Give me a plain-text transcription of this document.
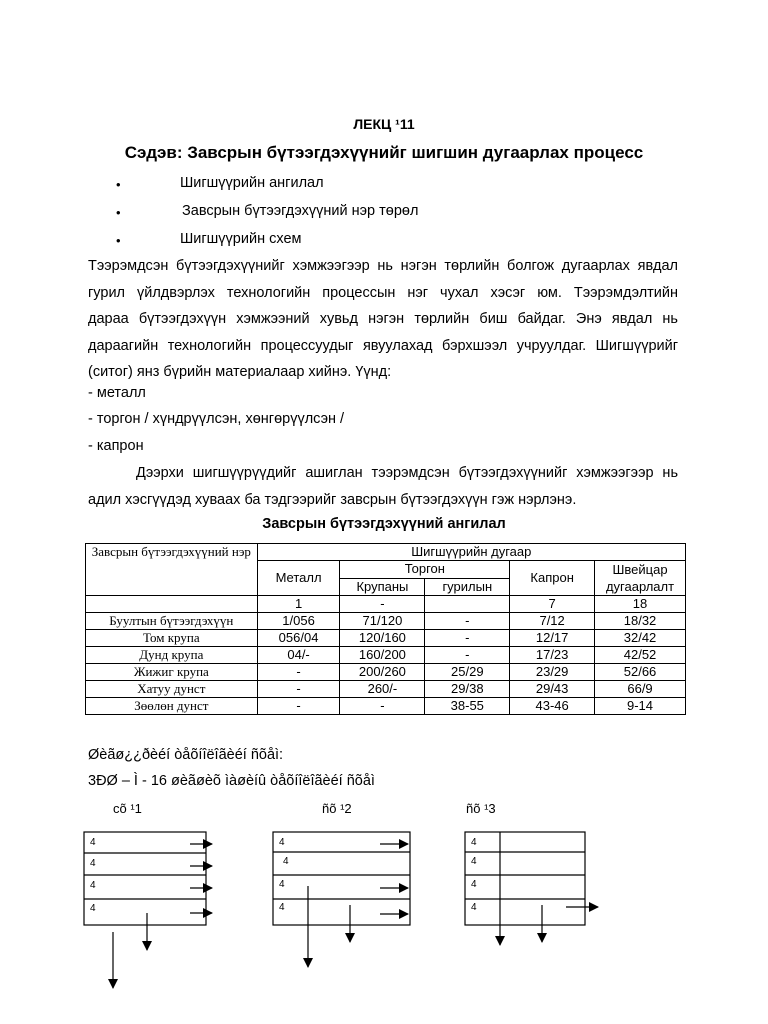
ЛЕКЦ ¹11
Сэдэв: Завсрын бүтээгдэхүүнийг шигшин дугаарлах процесс
•	Шигшүүрийн ангилал
•	Завсрын бүтээгдэхүүний нэр төрөл
•	Шигшүүрийн схем
Тээрэмдсэн бүтээгдэхүүнийг хэмжээгээр нь нэгэн төрлийн болгож дугаарлах явдал
гурил үйлдвэрлэх технологийн процессын нэг чухал хэсэг юм. Тээрэмдэлтийн
дараа бүтээгдэхүүн хэмжээний хувьд нэгэн төрлийн биш байдаг. Энэ явдал нь
дараагийн технологийн процессуудыг явуулахад бэрхшээл учруулдаг. Шигшүүрийг
(ситог) янз бүрийн материалаар хийнэ. Үүнд:
- металл
- торгон / хүндрүүлсэн, хөнгөрүүлсэн /
- капрон
Дээрхи шигшүүрүүдийг ашиглан тээрэмдсэн бүтээгдэхүүнийг хэмжээгээр нь
адил хэсгүүдэд хуваах ба тэдгээрийг завсрын бүтээгдэхүүн гэж нэрлэнэ.
Завсрын бүтээгдэхүүний ангилал
Завсрын бүтээгдэхүүний нэр	Шигшүүрийн дугаар				
	Металл	Торгон		Капрон	Швейцар дугаарлалт
		Крупаны	гурилын		
	1	-		7	18
Буултын бүтээгдэхүүн	1/056	71/120	-	7/12	18/32
Том крупа	056/04	120/160	-	12/17	32/42
Дунд крупа	04/-	160/200	-	17/23	42/52
Жижиг крупа	-	200/260	25/29	23/29	52/66
Хатуу дунст	-	260/-	29/38	29/43	66/9
Зөөлөн дунст	-	-	38-55	43-46	9-14
Øèãø¿¿ðèéí òåõíîëîãèéí ñõåì:
3ÐØ – Ì - 16 øèãøèõ ìàøèíû òåõíîëîãèéí ñõåì
cõ ¹1	ñõ ¹2	ñõ ¹3
4
4
4
4
4
4
4
4
4
4
4
4
